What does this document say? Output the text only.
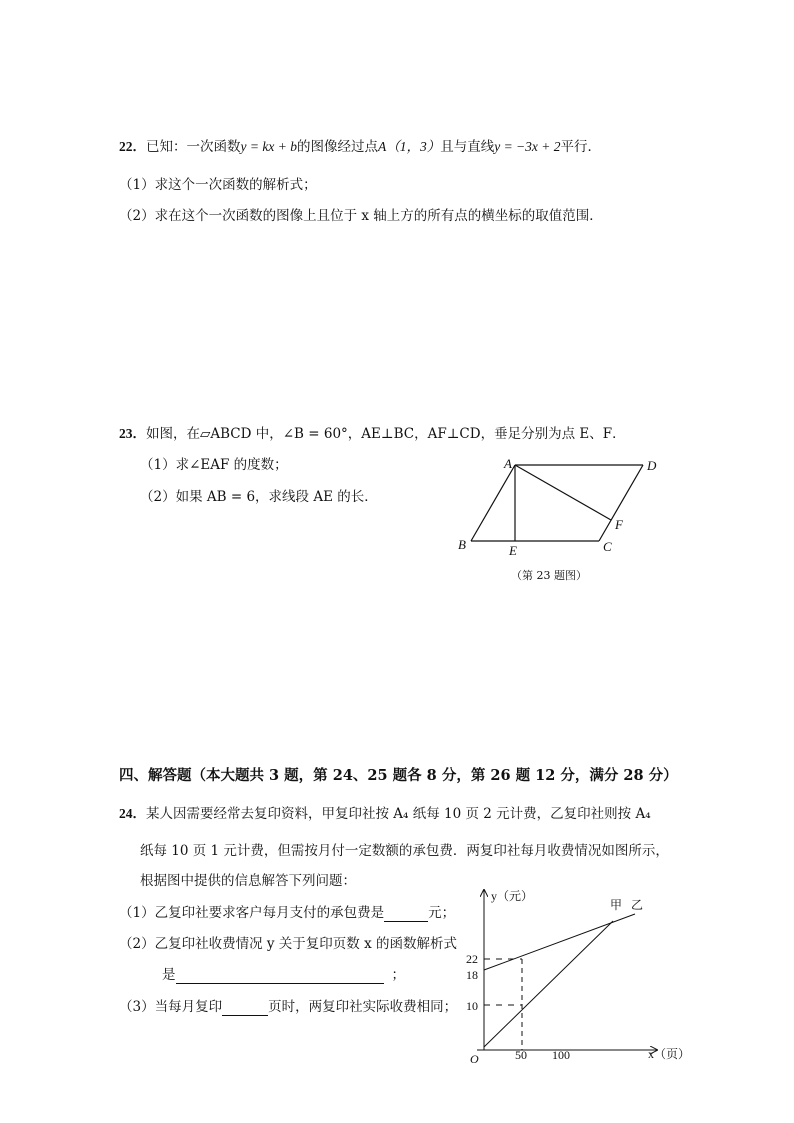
22．已知：一次函数y = kx + b的图像经过点A（1，3）且与直线y = −3x + 2平行．
（1）求这个一次函数的解析式；
（2）求在这个一次函数的图像上且位于 x 轴上方的所有点的横坐标的取值范围．
23．如图，在▱ABCD 中，∠B = 60°，AE⊥BC，AF⊥CD，垂足分别为点 E、F．
（1）求∠EAF 的度数；
（2）如果 AB = 6，求线段 AE 的长．
A	D
B	E	C
F
（第 23 题图）
四、解答题（本大题共 3 题，第 24、25 题各 8 分，第 26 题 12 分，满分 28 分）
24．某人因需要经常去复印资料，甲复印社按 A₄ 纸每 10 页 2 元计费，乙复印社则按 A₄
纸每 10 页 1 元计费，但需按月付一定数额的承包费．两复印社每月收费情况如图所示，
根据图中提供的信息解答下列问题：
（1）乙复印社要求客户每月支付的承包费是	元；
（2）乙复印社收费情况 y 关于复印页数 x 的函数解析式
是	；
（3）当每月复印	页时，两复印社实际收费相同；
y（元）
x（页）
O
22
18
10
50 100
甲 乙
